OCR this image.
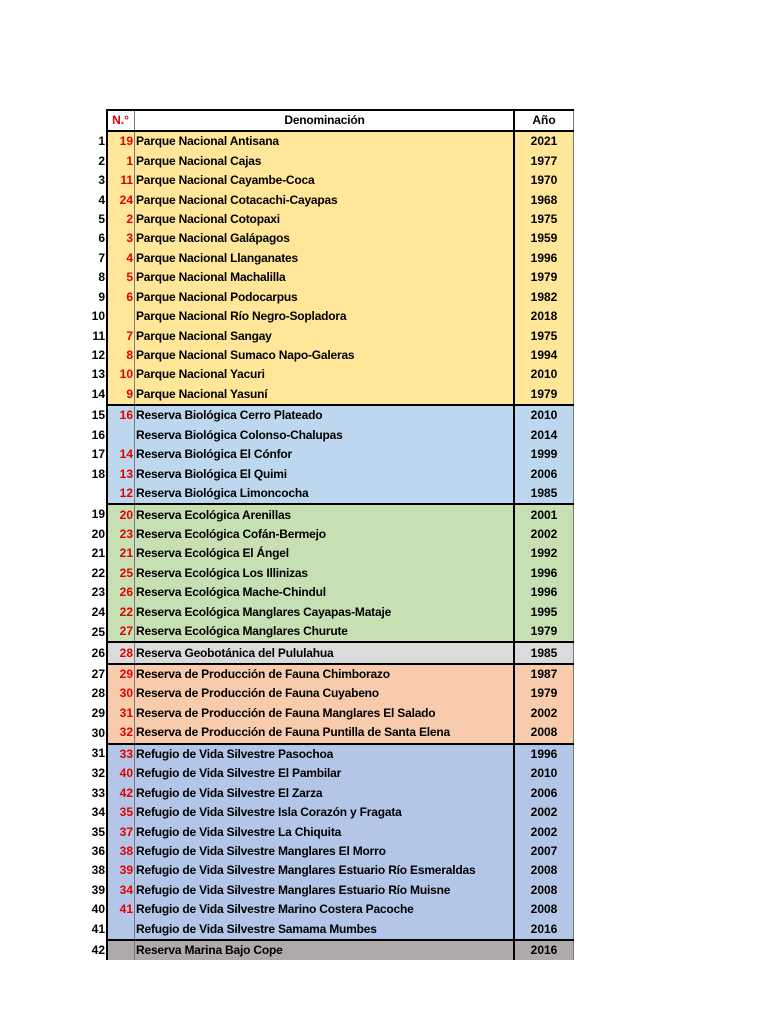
	N.°	Denominación	Año
1	19	Parque Nacional Antisana	2021
2	1	Parque Nacional Cajas	1977
3	11	Parque Nacional Cayambe-Coca	1970
4	24	Parque Nacional Cotacachi-Cayapas	1968
5	2	Parque Nacional Cotopaxi	1975
6	3	Parque Nacional Galápagos	1959
7	4	Parque Nacional Llanganates	1996
8	5	Parque Nacional Machalilla	1979
9	6	Parque Nacional Podocarpus	1982
10		Parque Nacional Río Negro-Sopladora	2018
11	7	Parque Nacional Sangay	1975
12	8	Parque Nacional Sumaco Napo-Galeras	1994
13	10	Parque Nacional Yacuri	2010
14	9	Parque Nacional Yasuní	1979
15	16	Reserva Biológica Cerro Plateado	2010
16		Reserva Biológica Colonso-Chalupas	2014
17	14	Reserva Biológica El Cónfor	1999
18	13	Reserva Biológica El Quimi	2006
	12	Reserva Biológica Limoncocha	1985
19	20	Reserva Ecológica Arenillas	2001
20	23	Reserva Ecológica Cofán-Bermejo	2002
21	21	Reserva Ecológica El Ángel	1992
22	25	Reserva Ecológica Los Illinizas	1996
23	26	Reserva Ecológica Mache-Chindul	1996
24	22	Reserva Ecológica Manglares Cayapas-Mataje	1995
25	27	Reserva Ecológica Manglares Churute	1979
26	28	Reserva Geobotánica del Pululahua	1985
27	29	Reserva de Producción de Fauna Chimborazo	1987
28	30	Reserva de Producción de Fauna Cuyabeno	1979
29	31	Reserva de Producción de Fauna Manglares El Salado	2002
30	32	Reserva de Producción de Fauna Puntilla de Santa Elena	2008
31	33	Refugio de Vida Silvestre Pasochoa	1996
32	40	Refugio de Vida Silvestre El Pambilar	2010
33	42	Refugio de Vida Silvestre El Zarza	2006
34	35	Refugio de Vida Silvestre Isla Corazón y Fragata	2002
35	37	Refugio de Vida Silvestre La Chiquita	2002
36	38	Refugio de Vida Silvestre Manglares El Morro	2007
38	39	Refugio de Vida Silvestre Manglares Estuario Río Esmeraldas	2008
39	34	Refugio de Vida Silvestre Manglares Estuario Río Muisne	2008
40	41	Refugio de Vida Silvestre Marino Costera Pacoche	2008
41		Refugio de Vida Silvestre Samama Mumbes	2016
42		Reserva Marina Bajo Cope	2016
